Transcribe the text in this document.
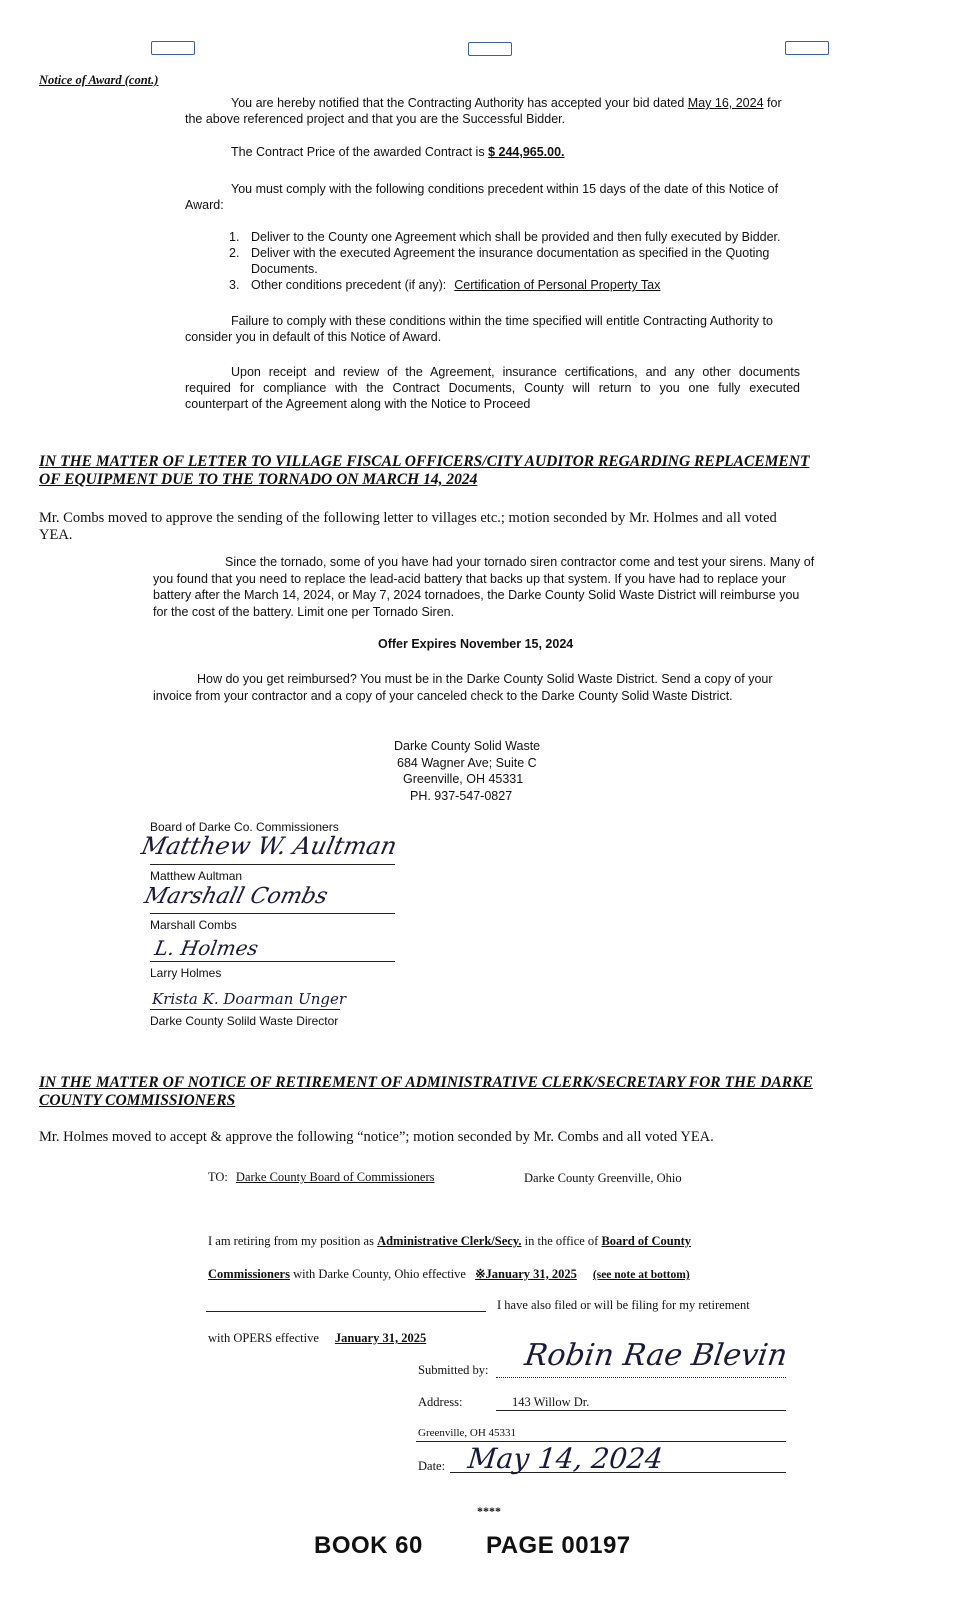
Notice of Award (cont.)
You are hereby notified that the Contracting Authority has accepted your bid dated May 16, 2024 for
the above referenced project and that you are the Successful Bidder.
The Contract Price of the awarded Contract is $ 244,965.00.
You must comply with the following conditions precedent within 15 days of the date of this Notice of
Award:
1. Deliver to the County one Agreement which shall be provided and then fully executed by Bidder.
2. Deliver with the executed Agreement the insurance documentation as specified in the Quoting
Documents.
3. Other conditions precedent (if any): Certification of Personal Property Tax
Failure to comply with these conditions within the time specified will entitle Contracting Authority to
consider you in default of this Notice of Award.
Upon receipt and review of the Agreement, insurance certifications, and any other documents
required for compliance with the Contract Documents, County will return to you one fully executed
counterpart of the Agreement along with the Notice to Proceed
IN THE MATTER OF LETTER TO VILLAGE FISCAL OFFICERS/CITY AUDITOR REGARDING REPLACEMENT
OF EQUIPMENT DUE TO THE TORNADO ON MARCH 14, 2024
Mr. Combs moved to approve the sending of the following letter to villages etc.; motion seconded by Mr. Holmes and all voted
YEA.
Since the tornado, some of you have had your tornado siren contractor come and test your sirens. Many of
you found that you need to replace the lead-acid battery that backs up that system. If you have had to replace your
battery after the March 14, 2024, or May 7, 2024 tornadoes, the Darke County Solid Waste District will reimburse you
for the cost of the battery. Limit one per Tornado Siren.
Offer Expires November 15, 2024
How do you get reimbursed? You must be in the Darke County Solid Waste District. Send a copy of your
invoice from your contractor and a copy of your canceled check to the Darke County Solid Waste District.
Darke County Solid Waste
684 Wagner Ave; Suite C
Greenville, OH 45331
PH. 937-547-0827
Board of Darke Co. Commissioners
Matthew W. Aultman
Matthew Aultman
Marshall Combs
Marshall Combs
L. Holmes
Larry Holmes
Krista K. Doarman Unger
Darke County Solild Waste Director
IN THE MATTER OF NOTICE OF RETIREMENT OF ADMINISTRATIVE CLERK/SECRETARY FOR THE DARKE
COUNTY COMMISSIONERS
Mr. Holmes moved to accept & approve the following “notice”; motion seconded by Mr. Combs and all voted YEA.
TO: Darke County Board of Commissioners	Darke County Greenville, Ohio
I am retiring from my position as Administrative Clerk/Secy. in the office of Board of County
Commissioners with Darke County, Ohio effective ※January 31, 2025 (see note at bottom)
I have also filed or will be filing for my retirement
with OPERS effective January 31, 2025
Submitted by: Robin Rae Blevin
Address:	143 Willow Dr.
Greenville, OH 45331
Date: May 14, 2024
****
BOOK 60	PAGE 00197
